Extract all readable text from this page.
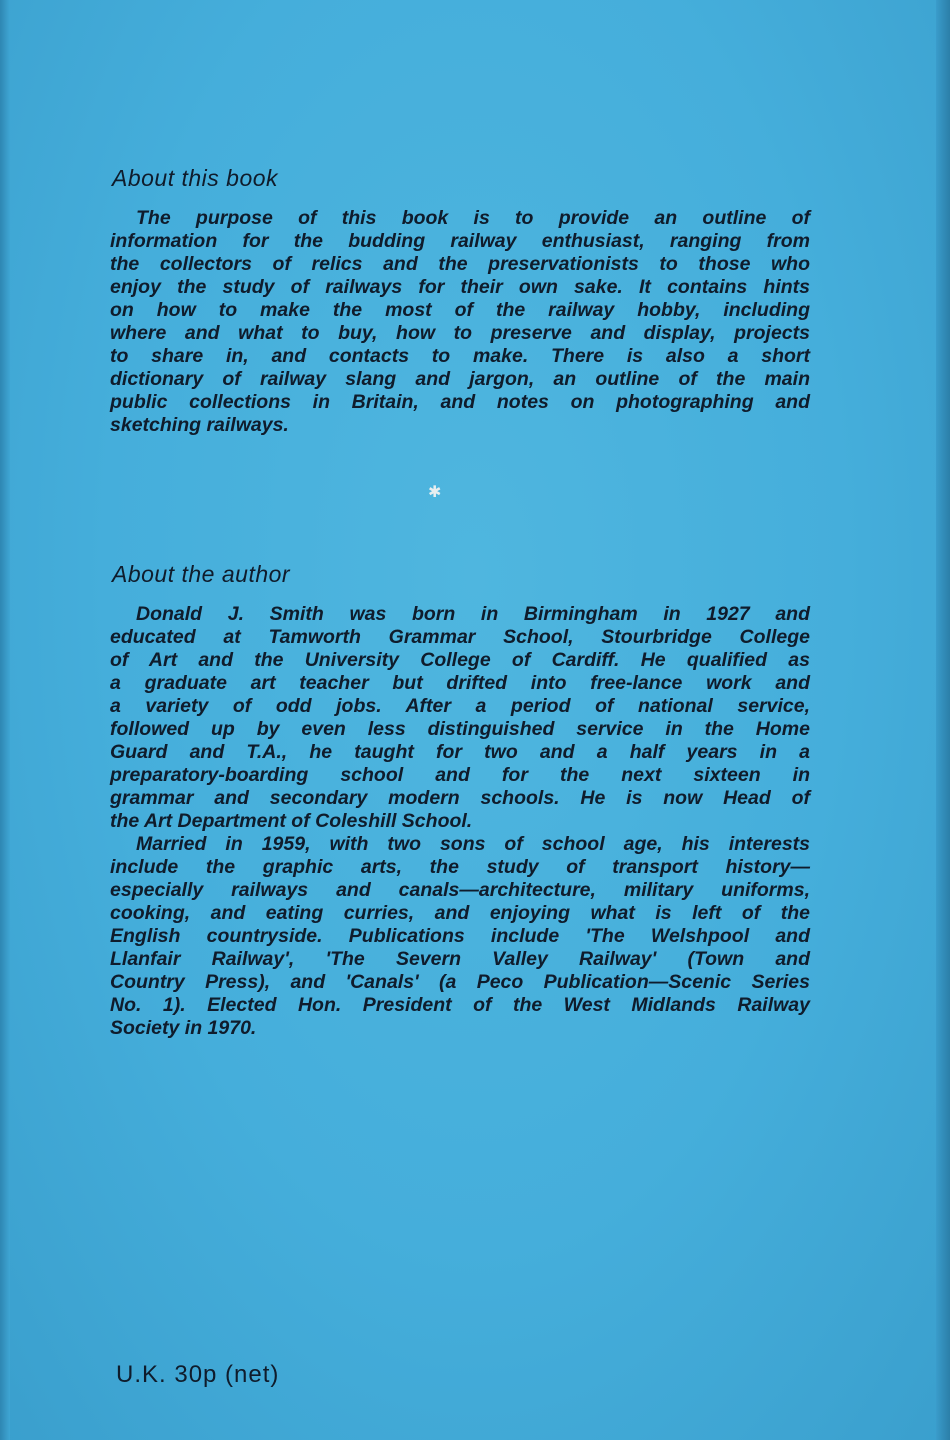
About this book
The purpose of this book is to provide an outline of
information for the budding railway enthusiast, ranging from
the collectors of relics and the preservationists to those who
enjoy the study of railways for their own sake. It contains hints
on how to make the most of the railway hobby, including
where and what to buy, how to preserve and display, projects
to share in, and contacts to make. There is also a short
dictionary of railway slang and jargon, an outline of the main
public collections in Britain, and notes on photographing and
sketching railways.
✱
About the author
Donald J. Smith was born in Birmingham in 1927 and
educated at Tamworth Grammar School, Stourbridge College
of Art and the University College of Cardiff. He qualified as
a graduate art teacher but drifted into free-lance work and
a variety of odd jobs. After a period of national service,
followed up by even less distinguished service in the Home
Guard and T.A., he taught for two and a half years in a
preparatory-boarding school and for the next sixteen in
grammar and secondary modern schools. He is now Head of
the Art Department of Coleshill School.
Married in 1959, with two sons of school age, his interests
include the graphic arts, the study of transport history—
especially railways and canals—architecture, military uniforms,
cooking, and eating curries, and enjoying what is left of the
English countryside. Publications include 'The Welshpool and
Llanfair Railway', 'The Severn Valley Railway' (Town and
Country Press), and 'Canals' (a Peco Publication—Scenic Series
No. 1). Elected Hon. President of the West Midlands Railway
Society in 1970.
U.K. 30p (net)
